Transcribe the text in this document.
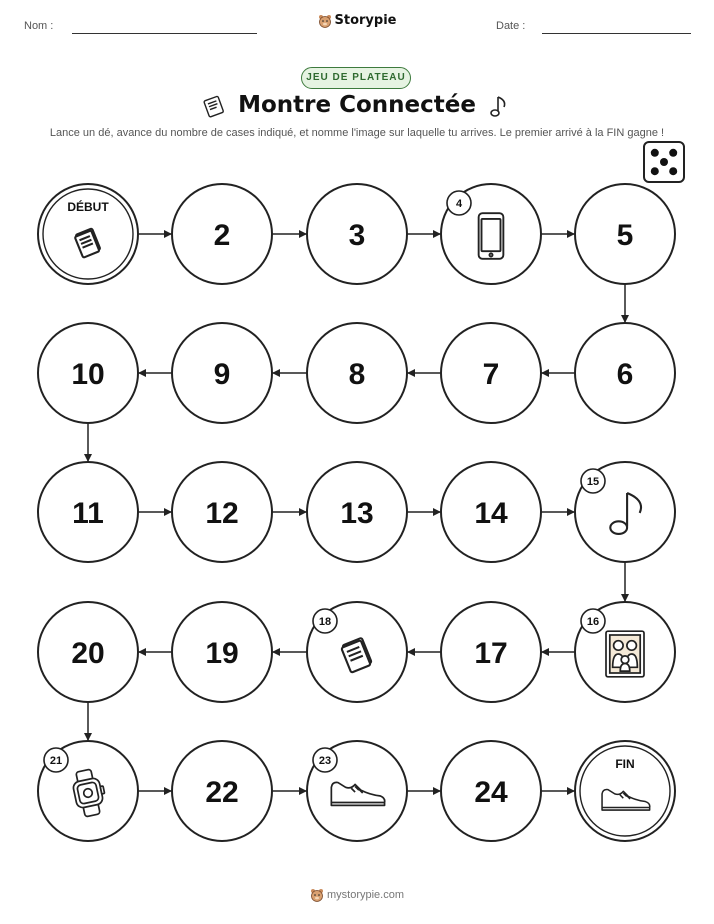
Nom :	Storypie	Date :
JEU DE PLATEAU
Montre Connectée
Lance un dé, avance du nombre de cases indiqué, et nomme l'image sur laquelle tu arrives. Le premier arrivé à la FIN gagne !
DÉBUT
2	3
4
5
10	9	8	7	6
11	12	13	14
15
20	19
18
17
16
21
22
23
24
FIN
mystorypie.com
